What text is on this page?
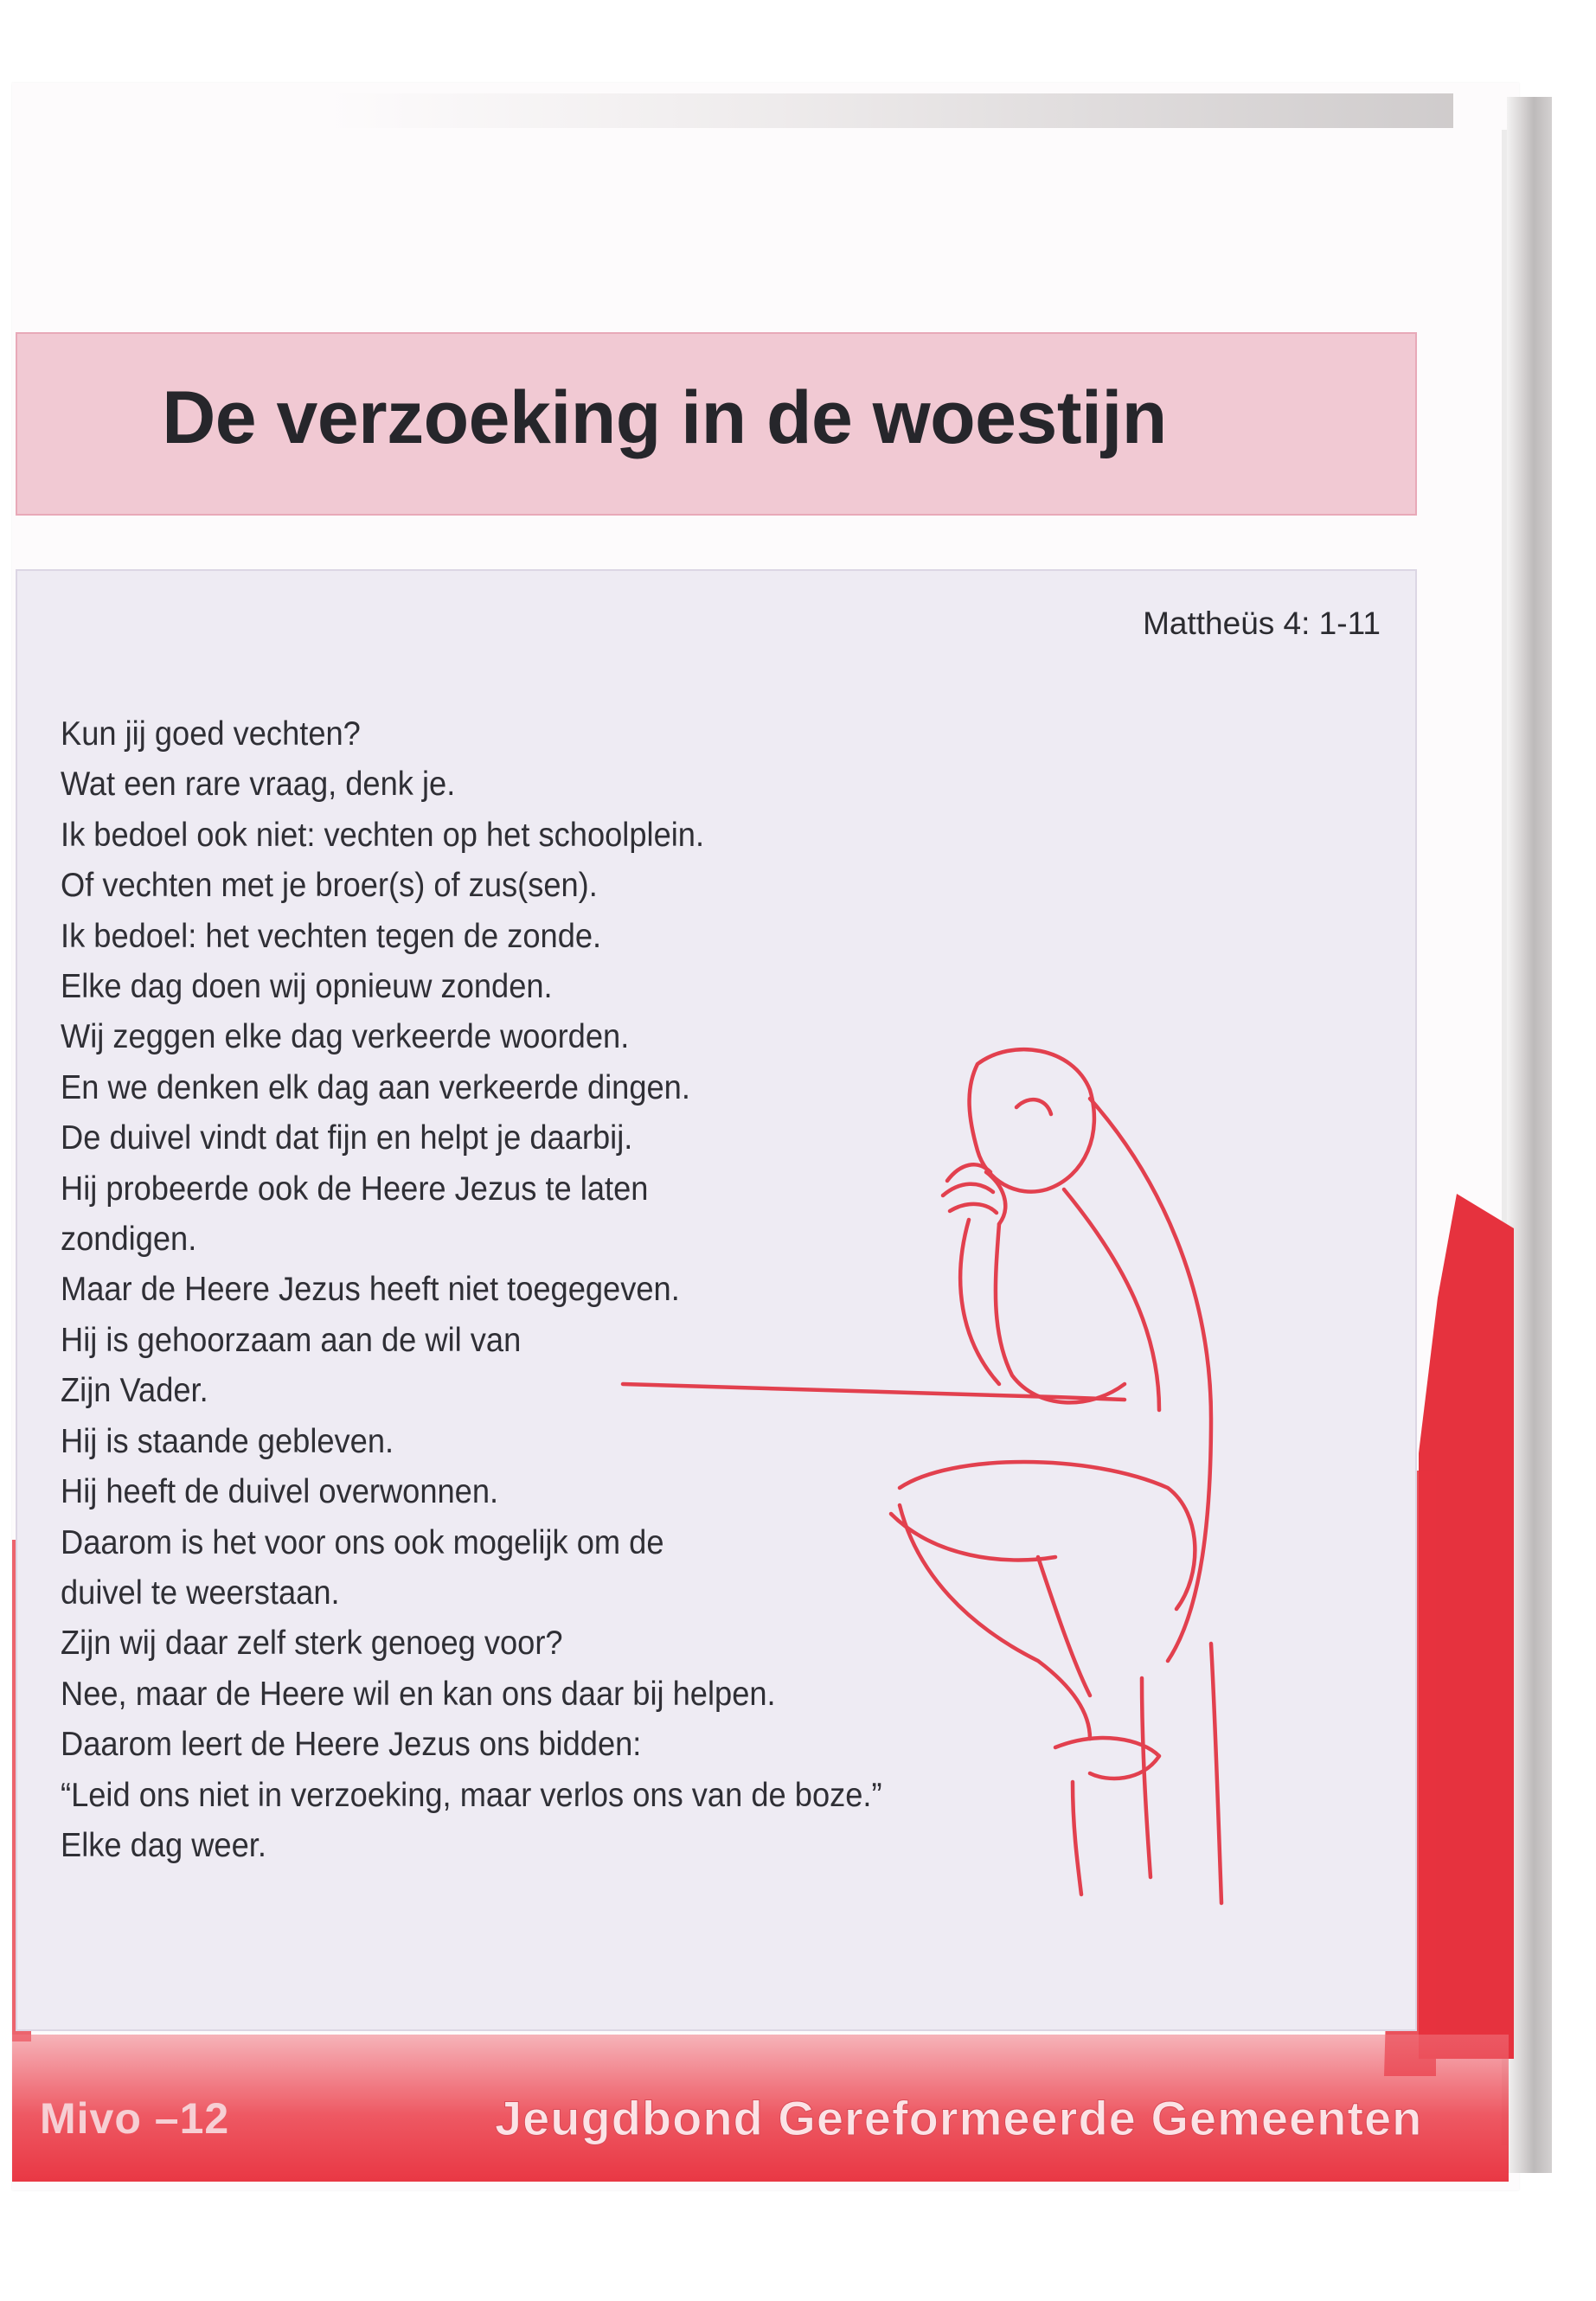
De verzoeking in de woestijn
Mattheüs 4: 1-11
Kun jij goed vechten?
Wat een rare vraag, denk je.
Ik bedoel ook niet: vechten op het schoolplein.
Of vechten met je broer(s) of zus(sen).
Ik bedoel: het vechten tegen de zonde.
Elke dag doen wij opnieuw zonden.
Wij zeggen elke dag verkeerde woorden.
En we denken elk dag aan verkeerde dingen.
De duivel vindt dat fijn en helpt je daarbij.
Hij probeerde ook de Heere Jezus te laten
zondigen.
Maar de Heere Jezus heeft niet toegegeven.
Hij is gehoorzaam aan de wil van
Zijn Vader.
Hij is staande gebleven.
Hij heeft de duivel overwonnen.
Daarom is het voor ons ook mogelijk om de
duivel te weerstaan.
Zijn wij daar zelf sterk genoeg voor?
Nee, maar de Heere wil en kan ons daar bij helpen.
Daarom leert de Heere Jezus ons bidden:
“Leid ons niet in verzoeking, maar verlos ons van de boze.”
Elke dag weer.
Mivo –12	Jeugdbond Gereformeerde Gemeenten
